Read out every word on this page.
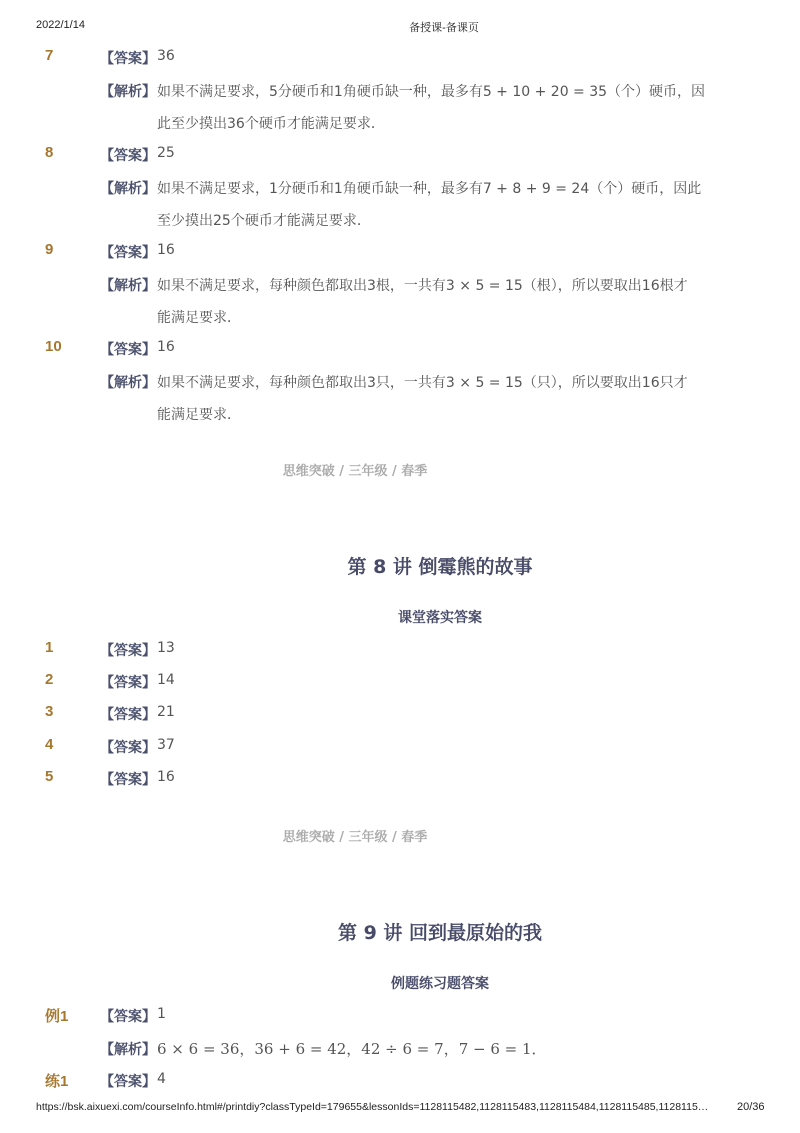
2022/1/14	备授课-备课页
7	【答案】 36
【解析】 如果不满足要求，5分硬币和1角硬币缺一种，最多有5 + 10 + 20 = 35（个）硬币，因
此至少摸出36个硬币才能满足要求．
8	【答案】 25
【解析】 如果不满足要求，1分硬币和1角硬币缺一种，最多有7 + 8 + 9 = 24（个）硬币，因此
至少摸出25个硬币才能满足要求．
9	【答案】 16
【解析】 如果不满足要求，每种颜色都取出3根，一共有3 × 5 = 15（根），所以要取出16根才
能满足要求．
10	【答案】 16
【解析】 如果不满足要求，每种颜色都取出3只，一共有3 × 5 = 15（只），所以要取出16只才
能满足要求．
思维突破 / 三年级 / 春季
第 8 讲 倒霉熊的故事
课堂落实答案
1	【答案】 13
2	【答案】 14
3	【答案】 21
4	【答案】 37
5	【答案】 16
思维突破 / 三年级 / 春季
第 9 讲 回到最原始的我
例题练习题答案
例1 【答案】 1
【解析】 6 × 6 = 36，36 + 6 = 42，42 ÷ 6 = 7，7 − 6 = 1．
练1 【答案】 4
https://bsk.aixuexi.com/courseInfo.html#/printdiy?classTypeId=179655&lessonIds=1128115482,1128115483,1128115484,1128115485,1128115…	20/36
